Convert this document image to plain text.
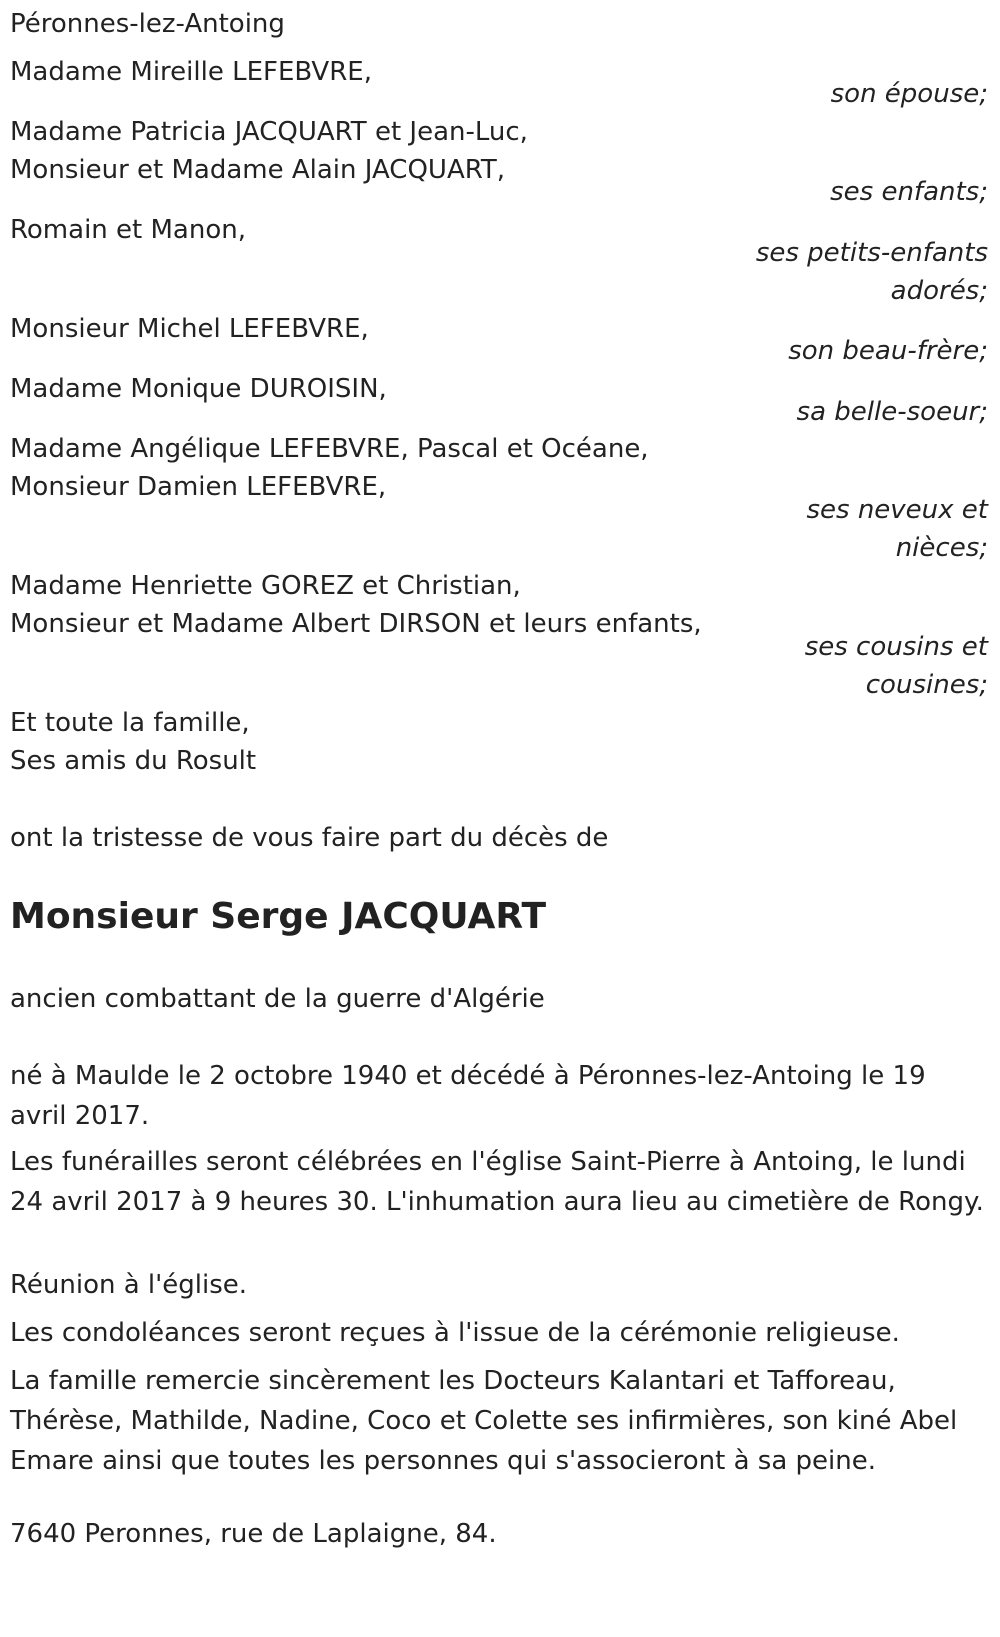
Péronnes-lez-Antoing
Madame Mireille LEFEBVRE,
son épouse;
Madame Patricia JACQUART et Jean-Luc,
Monsieur et Madame Alain JACQUART,
ses enfants;
Romain et Manon,
ses petits-enfants
adorés;
Monsieur Michel LEFEBVRE,
son beau-frère;
Madame Monique DUROISIN,
sa belle-soeur;
Madame Angélique LEFEBVRE, Pascal et Océane,
Monsieur Damien LEFEBVRE,
ses neveux et
nièces;
Madame Henriette GOREZ et Christian,
Monsieur et Madame Albert DIRSON et leurs enfants,
ses cousins et
cousines;
Et toute la famille,
Ses amis du Rosult
ont la tristesse de vous faire part du décès de
Monsieur Serge JACQUART
ancien combattant de la guerre d'Algérie
né à Maulde le 2 octobre 1940 et décédé à Péronnes-lez-Antoing le 19 avril 2017.
Les funérailles seront célébrées en l'église Saint-Pierre à Antoing, le lundi 24 avril 2017 à 9 heures 30. L'inhumation aura lieu au cimetière de Rongy.
Réunion à l'église.
Les condoléances seront reçues à l'issue de la cérémonie religieuse.
La famille remercie sincèrement les Docteurs Kalantari et Tafforeau, Thérèse, Mathilde, Nadine, Coco et Colette ses infirmières, son kiné Abel Emare ainsi que toutes les personnes qui s'associeront à sa peine.
7640 Peronnes, rue de Laplaigne, 84.
